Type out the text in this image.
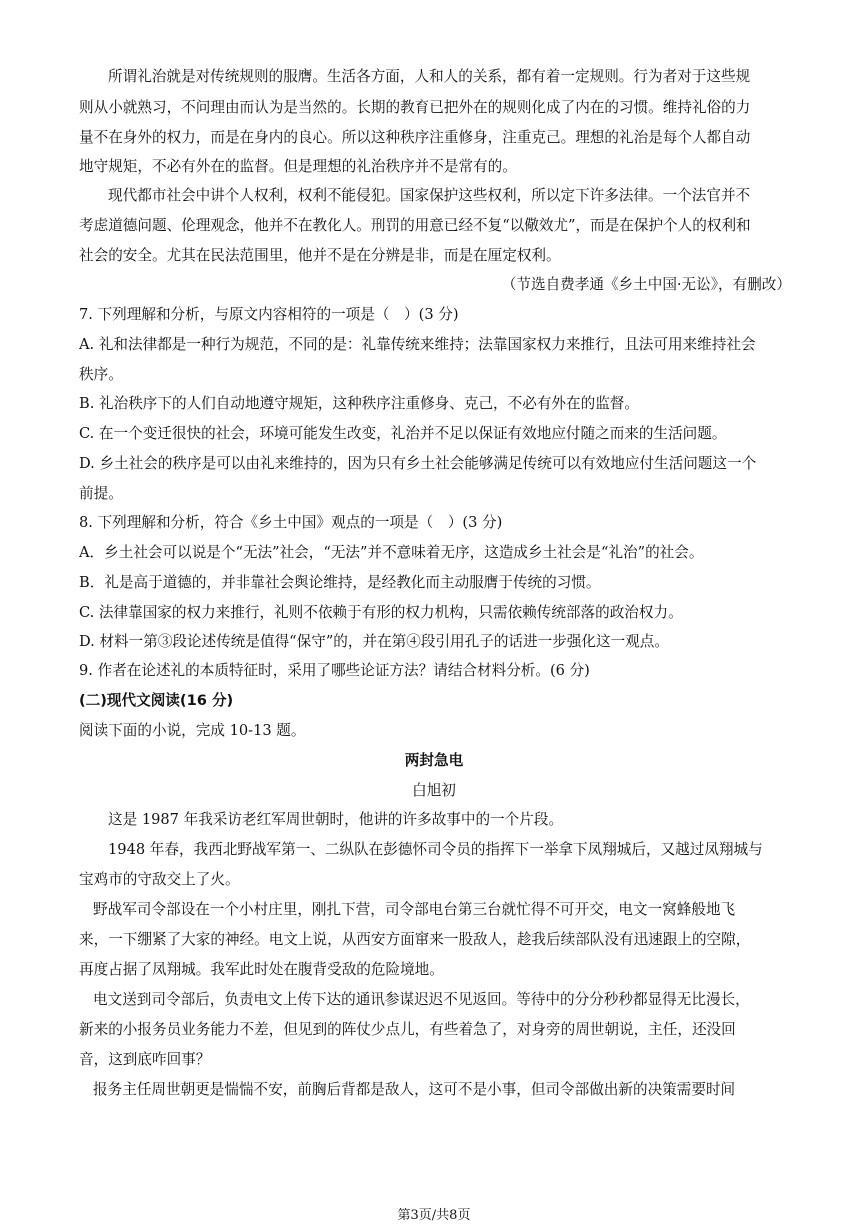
所谓礼治就是对传统规则的服膺。生活各方面，人和人的关系，都有着一定规则。行为者对于这些规
则从小就熟习，不问理由而认为是当然的。长期的教育已把外在的规则化成了内在的习惯。维持礼俗的力
量不在身外的权力，而是在身内的良心。所以这种秩序注重修身，注重克己。理想的礼治是每个人都自动
地守规矩，不必有外在的监督。但是理想的礼治秩序并不是常有的。
现代都市社会中讲个人权利，权利不能侵犯。国家保护这些权利，所以定下许多法律。一个法官并不
考虑道德问题、伦理观念，他并不在教化人。刑罚的用意已经不复“以儆效尤”，而是在保护个人的权利和
社会的安全。尤其在民法范围里，他并不是在分辨是非，而是在厘定权利。
（节选自费孝通《乡土中国·无讼》，有删改）
7. 下列理解和分析，与原文内容相符的一项是（　）(3 分)
A. 礼和法律都是一种行为规范，不同的是：礼靠传统来维持；法靠国家权力来推行，且法可用来维持社会
秩序。
B. 礼治秩序下的人们自动地遵守规矩，这种秩序注重修身、克己，不必有外在的监督。
C. 在一个变迁很快的社会，环境可能发生改变，礼治并不足以保证有效地应付随之而来的生活问题。
D. 乡土社会的秩序是可以由礼来维持的，因为只有乡土社会能够满足传统可以有效地应付生活问题这一个
前提。
8. 下列理解和分析，符合《乡土中国》观点的一项是（　）(3 分)
A．乡土社会可以说是个“无法”社会，“无法”并不意味着无序，这造成乡土社会是“礼治”的社会。
B．礼是高于道德的，并非靠社会舆论维持，是经教化而主动服膺于传统的习惯。
C. 法律靠国家的权力来推行，礼则不依赖于有形的权力机构，只需依赖传统部落的政治权力。
D. 材料一第③段论述传统是值得“保守”的，并在第④段引用孔子的话进一步强化这一观点。
9. 作者在论述礼的本质特征时，采用了哪些论证方法？请结合材料分析。(6 分)
(二)现代文阅读(16 分)
阅读下面的小说，完成 10-13 题。
两封急电
白旭初
这是 1987 年我采访老红军周世朝时，他讲的许多故事中的一个片段。
1948 年春，我西北野战军第一、二纵队在彭德怀司令员的指挥下一举拿下凤翔城后，又越过凤翔城与
宝鸡市的守敌交上了火。
野战军司令部设在一个小村庄里，刚扎下营，司令部电台第三台就忙得不可开交，电文一窝蜂般地飞
来，一下绷紧了大家的神经。电文上说，从西安方面窜来一股敌人，趁我后续部队没有迅速跟上的空隙，
再度占据了凤翔城。我军此时处在腹背受敌的危险境地。
电文送到司令部后，负责电文上传下达的通讯参谋迟迟不见返回。等待中的分分秒秒都显得无比漫长，
新来的小报务员业务能力不差，但见到的阵仗少点儿，有些着急了，对身旁的周世朝说，主任，还没回
音，这到底咋回事？
报务主任周世朝更是惴惴不安，前胸后背都是敌人，这可不是小事，但司令部做出新的决策需要时间
第3页/共8页
